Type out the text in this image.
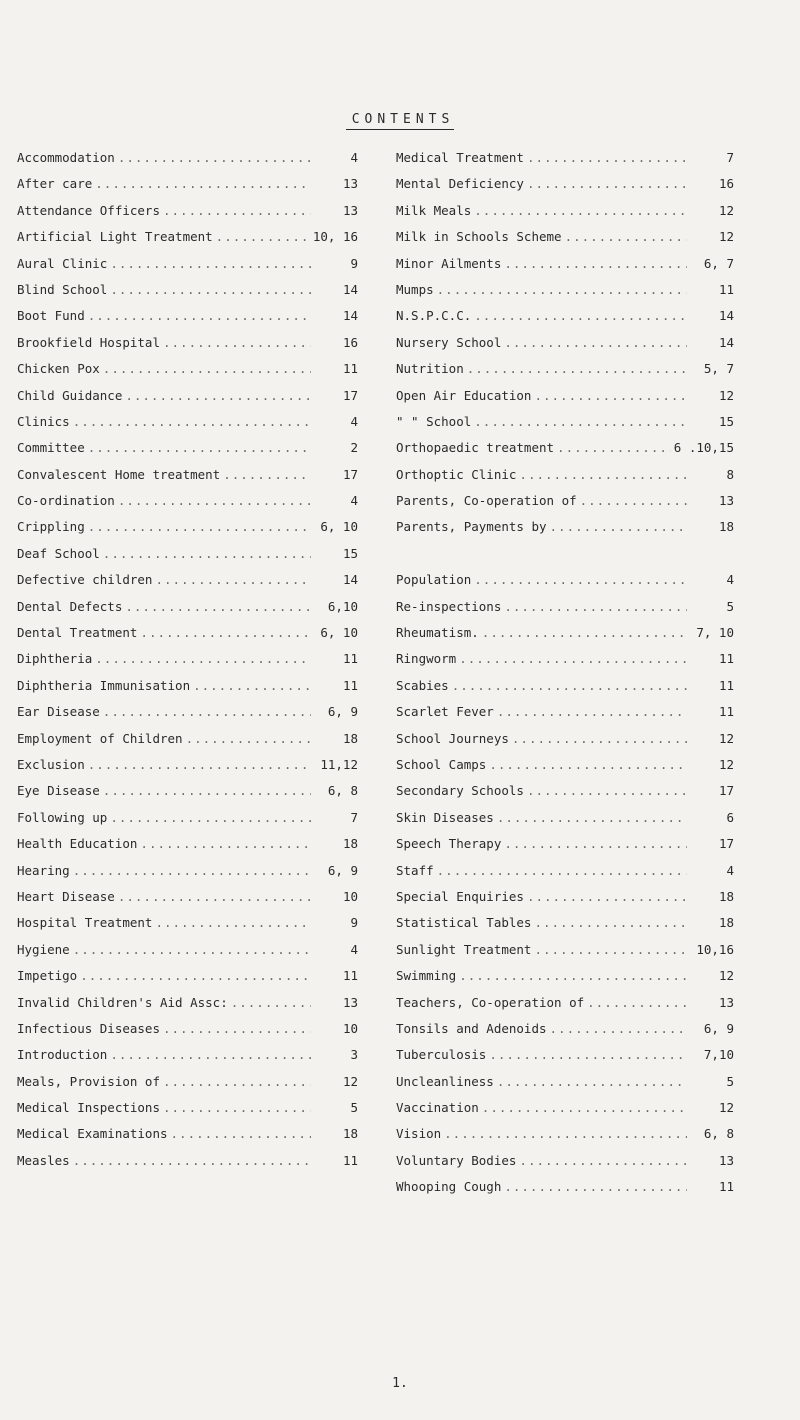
CONTENTS
Accommodation .....	4
After care .....	13
Attendance Officers .....	13
Artificial Light Treatment .....	10, 16
Aural Clinic .....	9
Blind School .....	14
Boot Fund .....	14
Brookfield Hospital .....	16
Chicken Pox .....	11
Child Guidance .....	17
Clinics .....	4
Committee .....	2
Convalescent Home treatment .....	17
Co-ordination .....	4
Crippling .....	6, 10
Deaf School .....	15
Defective children .....	14
Dental Defects .....	6,10
Dental Treatment .....	6, 10
Diphtheria .....	11
Diphtheria Immunisation .....	11
Ear Disease .....	6, 9
Employment of Children .....	18
Exclusion .....	11,12
Eye Disease .....	6, 8
Following up .....	7
Health Education .....	18
Hearing .....	6, 9
Heart Disease .....	10
Hospital Treatment .....	9
Hygiene .....	4
Impetigo .....	11
Invalid Children's Aid Assc: .....	13
Infectious Diseases .....	10
Introduction .....	3
Meals, Provision of .....	12
Medical Inspections .....	5
Medical Examinations .....	18
Measles .....	11
Medical Treatment .....	7
Mental Deficiency .....	16
Milk Meals .....	12
Milk in Schools Scheme .....	12
Minor Ailments .....	6, 7
Mumps .....	11
N.S.P.C.C. .....	14
Nursery School .....	14
Nutrition .....	5, 7
Open Air Education .....	12
" " School .....	15
Orthopaedic treatment .....	6 .10,15
Orthoptic Clinic .....	8
Parents, Co-operation of .....	13
Parents, Payments by .....	18
Population .....	4
Re-inspections .....	5
Rheumatism. .....	7, 10
Ringworm .....	11
Scabies .....	11
Scarlet Fever .....	11
School Journeys .....	12
School Camps .....	12
Secondary Schools .....	17
Skin Diseases .....	6
Speech Therapy .....	17
Staff .....	4
Special Enquiries .....	18
Statistical Tables .....	18
Sunlight Treatment .....	10,16
Swimming .....	12
Teachers, Co-operation of .....	13
Tonsils and Adenoids .....	6, 9
Tuberculosis .....	7,10
Uncleanliness .....	5
Vaccination .....	12
Vision .....	6, 8
Voluntary Bodies .....	13
Whooping Cough .....	11
1.
